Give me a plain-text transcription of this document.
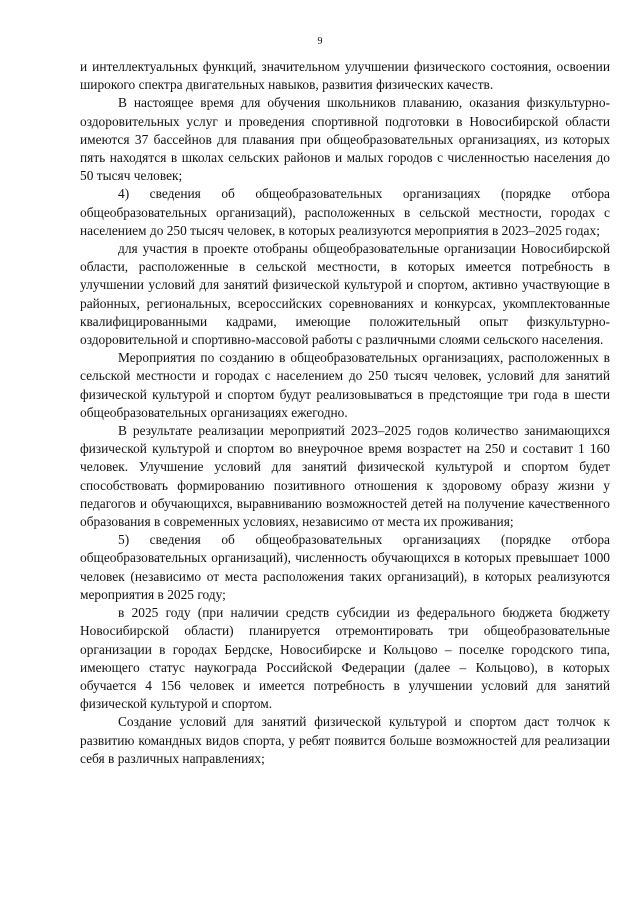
9

и интеллектуальных функций, значительном улучшении физического состояния, освоении широкого спектра двигательных навыков, развития физических качеств.

В настоящее время для обучения школьников плаванию, оказания физкультурно-оздоровительных услуг и проведения спортивной подготовки в Новосибирской области имеются 37 бассейнов для плавания при общеобразовательных организациях, из которых пять находятся в школах сельских районов и малых городов с численностью населения до 50 тысяч человек;

4) сведения об общеобразовательных организациях (порядке отбора общеобразовательных организаций), расположенных в сельской местности, городах с населением до 250 тысяч человек, в которых реализуются мероприятия в 2023–2025 годах;

для участия в проекте отобраны общеобразовательные организации Новосибирской области, расположенные в сельской местности, в которых имеется потребность в улучшении условий для занятий физической культурой и спортом, активно участвующие в районных, региональных, всероссийских соревнованиях и конкурсах, укомплектованные квалифицированными кадрами, имеющие положительный опыт физкультурно-оздоровительной и спортивно-массовой работы с различными слоями сельского населения.

Мероприятия по созданию в общеобразовательных организациях, расположенных в сельской местности и городах с населением до 250 тысяч человек, условий для занятий физической культурой и спортом будут реализовываться в предстоящие три года в шести общеобразовательных организациях ежегодно.

В результате реализации мероприятий 2023–2025 годов количество занимающихся физической культурой и спортом во внеурочное время возрастет на 250 и составит 1 160 человек. Улучшение условий для занятий физической культурой и спортом будет способствовать формированию позитивного отношения к здоровому образу жизни у педагогов и обучающихся, выравниванию возможностей детей на получение качественного образования в современных условиях, независимо от места их проживания;

5) сведения об общеобразовательных организациях (порядке отбора общеобразовательных организаций), численность обучающихся в которых превышает 1000 человек (независимо от места расположения таких организаций), в которых реализуются мероприятия в 2025 году;

в 2025 году (при наличии средств субсидии из федерального бюджета бюджету Новосибирской области) планируется отремонтировать три общеобразовательные организации в городах Бердске, Новосибирске и Кольцово – поселке городского типа, имеющего статус наукограда Российской Федерации (далее – Кольцово), в которых обучается 4 156 человек и имеется потребность в улучшении условий для занятий физической культурой и спортом.

Создание условий для занятий физической культурой и спортом даст толчок к развитию командных видов спорта, у ребят появится больше возможностей для реализации себя в различных направлениях;
